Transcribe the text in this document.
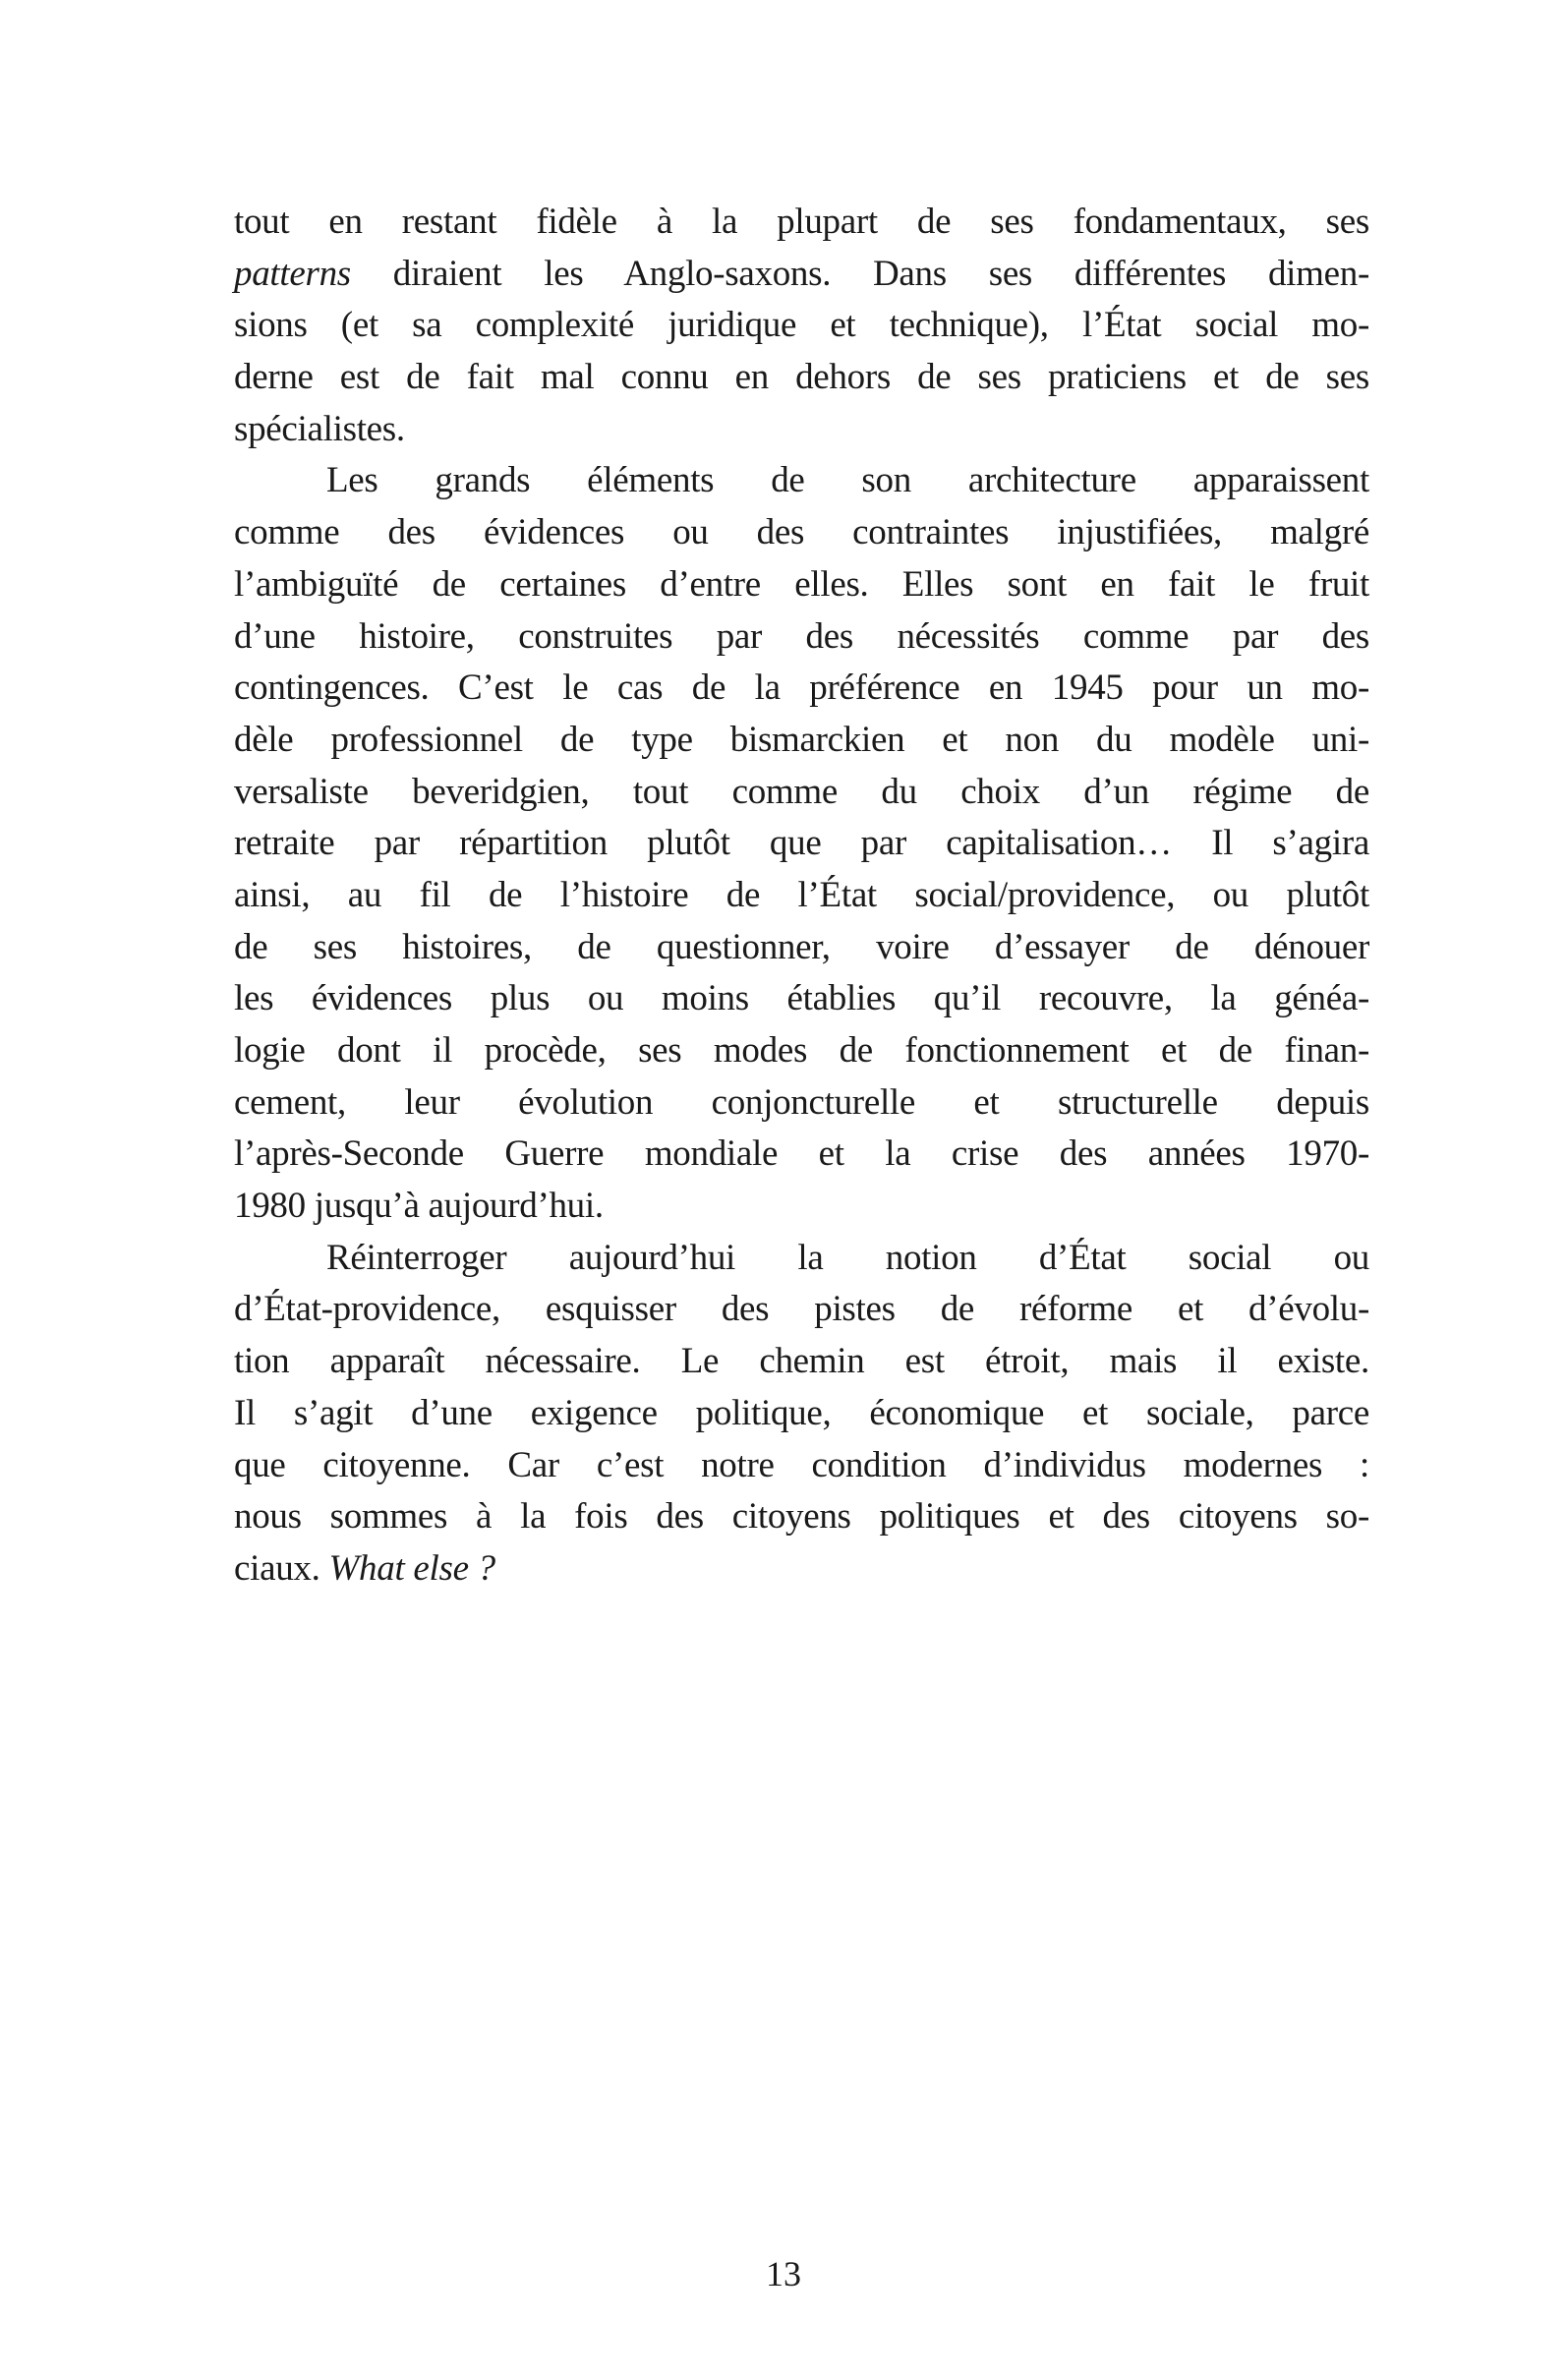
tout en restant fidèle à la plupart de ses fondamentaux, ses
patterns diraient les Anglo-saxons. Dans ses différentes dimen-
sions (et sa complexité juridique et technique), l’État social mo-
derne est de fait mal connu en dehors de ses praticiens et de ses
spécialistes.
Les grands éléments de son architecture apparaissent
comme des évidences ou des contraintes injustifiées, malgré
l’ambiguïté de certaines d’entre elles. Elles sont en fait le fruit
d’une histoire, construites par des nécessités comme par des
contingences. C’est le cas de la préférence en 1945 pour un mo-
dèle professionnel de type bismarckien et non du modèle uni-
versaliste beveridgien, tout comme du choix d’un régime de
retraite par répartition plutôt que par capitalisation… Il s’agira
ainsi, au fil de l’histoire de l’État social/providence, ou plutôt
de ses histoires, de questionner, voire d’essayer de dénouer
les évidences plus ou moins établies qu’il recouvre, la généa-
logie dont il procède, ses modes de fonctionnement et de finan-
cement, leur évolution conjoncturelle et structurelle depuis
l’après-Seconde Guerre mondiale et la crise des années 1970-
1980 jusqu’à aujourd’hui.
Réinterroger aujourd’hui la notion d’État social ou
d’État-providence, esquisser des pistes de réforme et d’évolu-
tion apparaît nécessaire. Le chemin est étroit, mais il existe.
Il s’agit d’une exigence politique, économique et sociale, parce
que citoyenne. Car c’est notre condition d’individus modernes :
nous sommes à la fois des citoyens politiques et des citoyens so-
ciaux. What else ?
13
